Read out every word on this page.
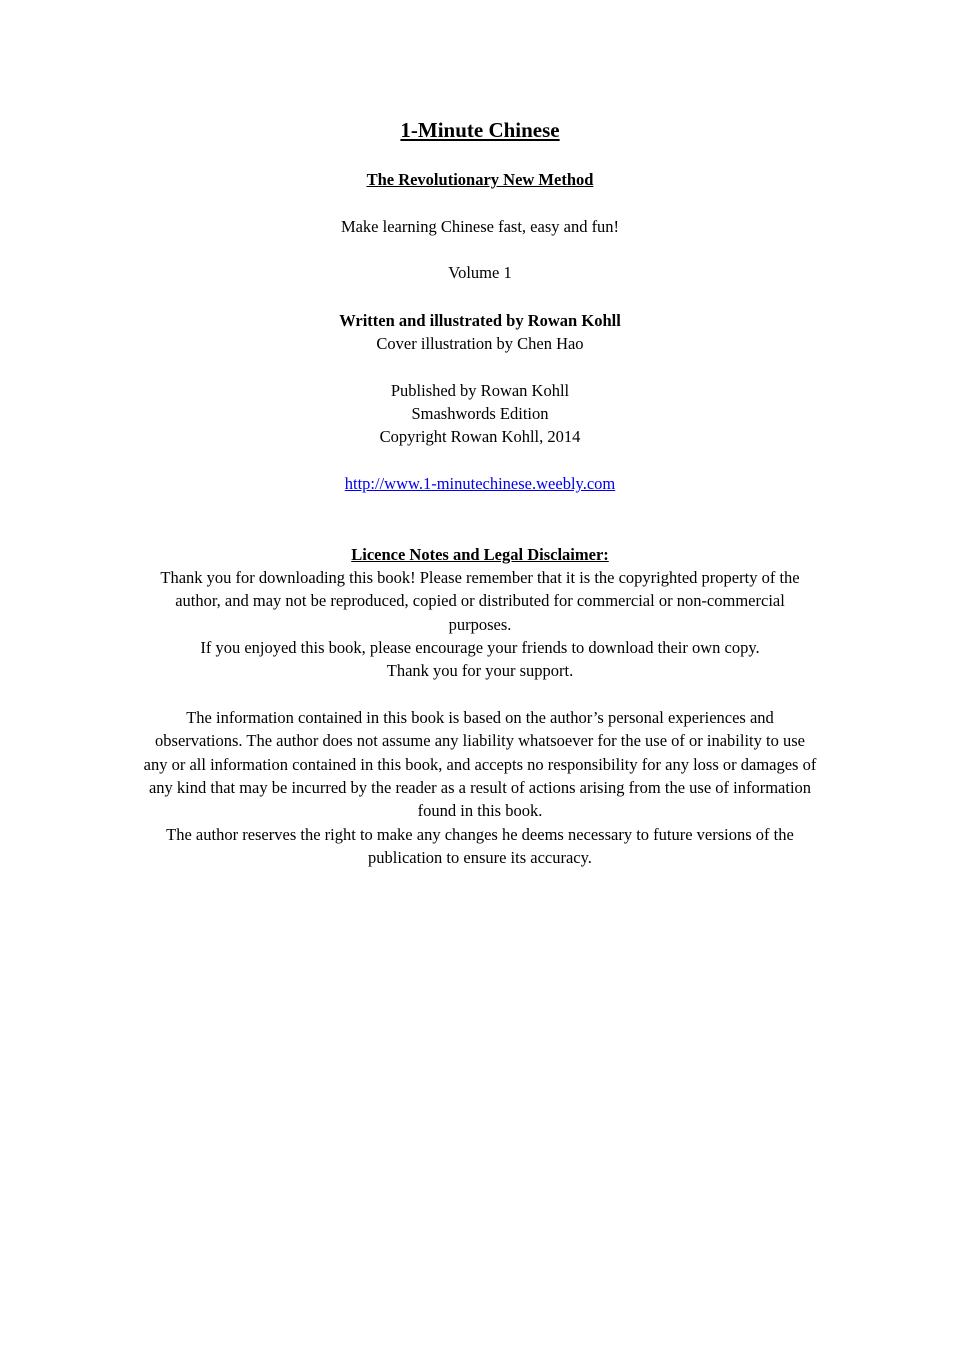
1-Minute Chinese

The Revolutionary New Method

Make learning Chinese fast, easy and fun!

Volume 1

Written and illustrated by Rowan Kohll

Cover illustration by Chen Hao

Published by Rowan Kohll

Smashwords Edition

Copyright Rowan Kohll, 2014

http://www.1-minutechinese.weebly.com

Licence Notes and Legal Disclaimer:

Thank you for downloading this book! Please remember that it is the copyrighted property of the

author, and may not be reproduced, copied or distributed for commercial or non-commercial

purposes.

If you enjoyed this book, please encourage your friends to download their own copy.

Thank you for your support.

The information contained in this book is based on the author’s personal experiences and

observations. The author does not assume any liability whatsoever for the use of or inability to use

any or all information contained in this book, and accepts no responsibility for any loss or damages of

any kind that may be incurred by the reader as a result of actions arising from the use of information

found in this book.

The author reserves the right to make any changes he deems necessary to future versions of the

publication to ensure its accuracy.
